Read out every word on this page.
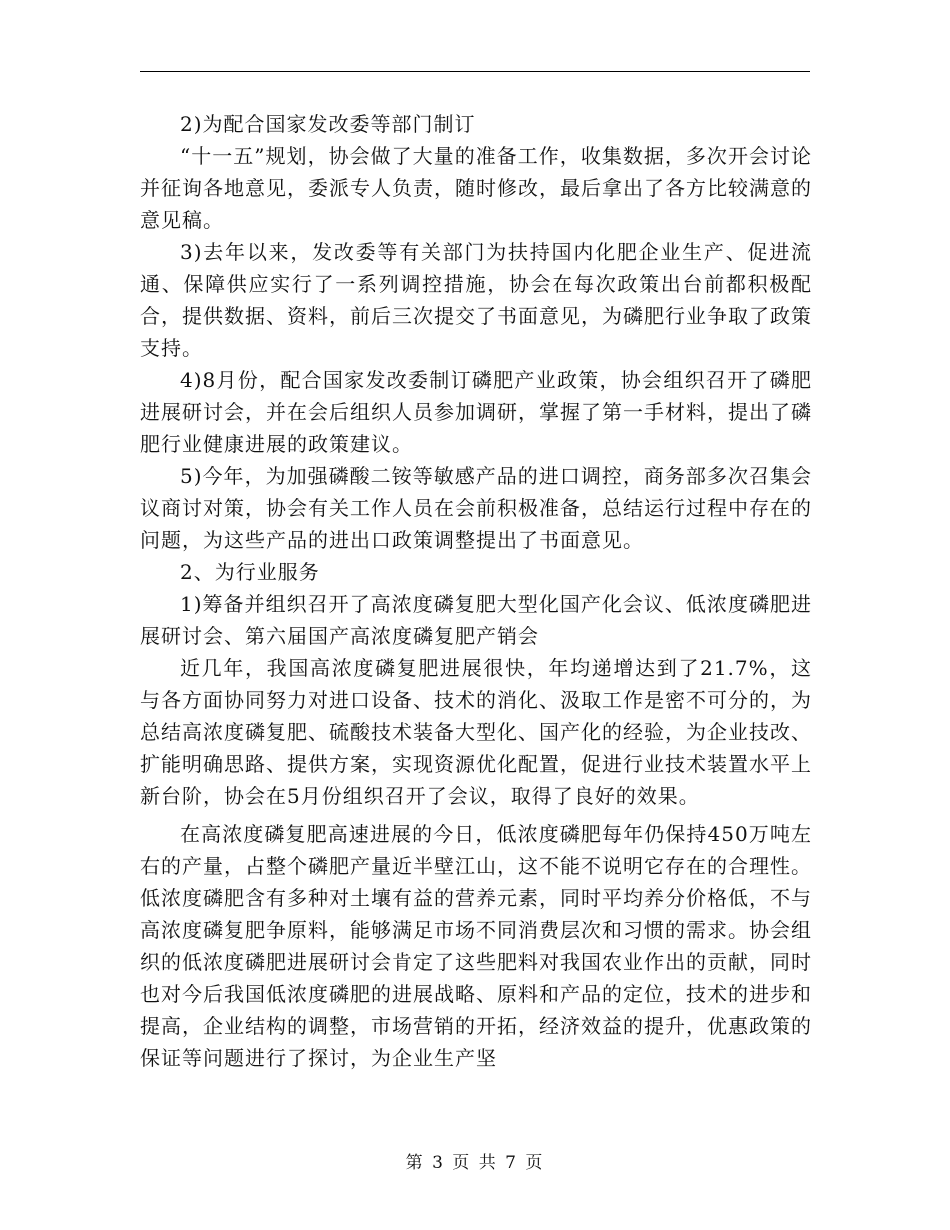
2)为配合国家发改委等部门制订

“十一五”规划，协会做了大量的准备工作，收集数据，多次开会讨论并征询各地意见，委派专人负责，随时修改，最后拿出了各方比较满意的意见稿。

3)去年以来，发改委等有关部门为扶持国内化肥企业生产、促进流通、保障供应实行了一系列调控措施，协会在每次政策出台前都积极配合，提供数据、资料，前后三次提交了书面意见，为磷肥行业争取了政策支持。

4)8月份，配合国家发改委制订磷肥产业政策，协会组织召开了磷肥进展研讨会，并在会后组织人员参加调研，掌握了第一手材料，提出了磷肥行业健康进展的政策建议。

5)今年，为加强磷酸二铵等敏感产品的进口调控，商务部多次召集会议商讨对策，协会有关工作人员在会前积极准备，总结运行过程中存在的问题，为这些产品的进出口政策调整提出了书面意见。

2、为行业服务

1)筹备并组织召开了高浓度磷复肥大型化国产化会议、低浓度磷肥进展研讨会、第六届国产高浓度磷复肥产销会

近几年，我国高浓度磷复肥进展很快，年均递增达到了21.7%，这与各方面协同努力对进口设备、技术的消化、汲取工作是密不可分的，为总结高浓度磷复肥、硫酸技术装备大型化、国产化的经验，为企业技改、扩能明确思路、提供方案，实现资源优化配置，促进行业技术装置水平上新台阶，协会在5月份组织召开了会议，取得了良好的效果。

在高浓度磷复肥高速进展的今日，低浓度磷肥每年仍保持450万吨左右的产量，占整个磷肥产量近半壁江山，这不能不说明它存在的合理性。低浓度磷肥含有多种对土壤有益的营养元素，同时平均养分价格低，不与高浓度磷复肥争原料，能够满足市场不同消费层次和习惯的需求。协会组织的低浓度磷肥进展研讨会肯定了这些肥料对我国农业作出的贡献，同时也对今后我国低浓度磷肥的进展战略、原料和产品的定位，技术的进步和提高，企业结构的调整，市场营销的开拓，经济效益的提升，优惠政策的保证等问题进行了探讨，为企业生产坚

第 3 页 共 7 页
